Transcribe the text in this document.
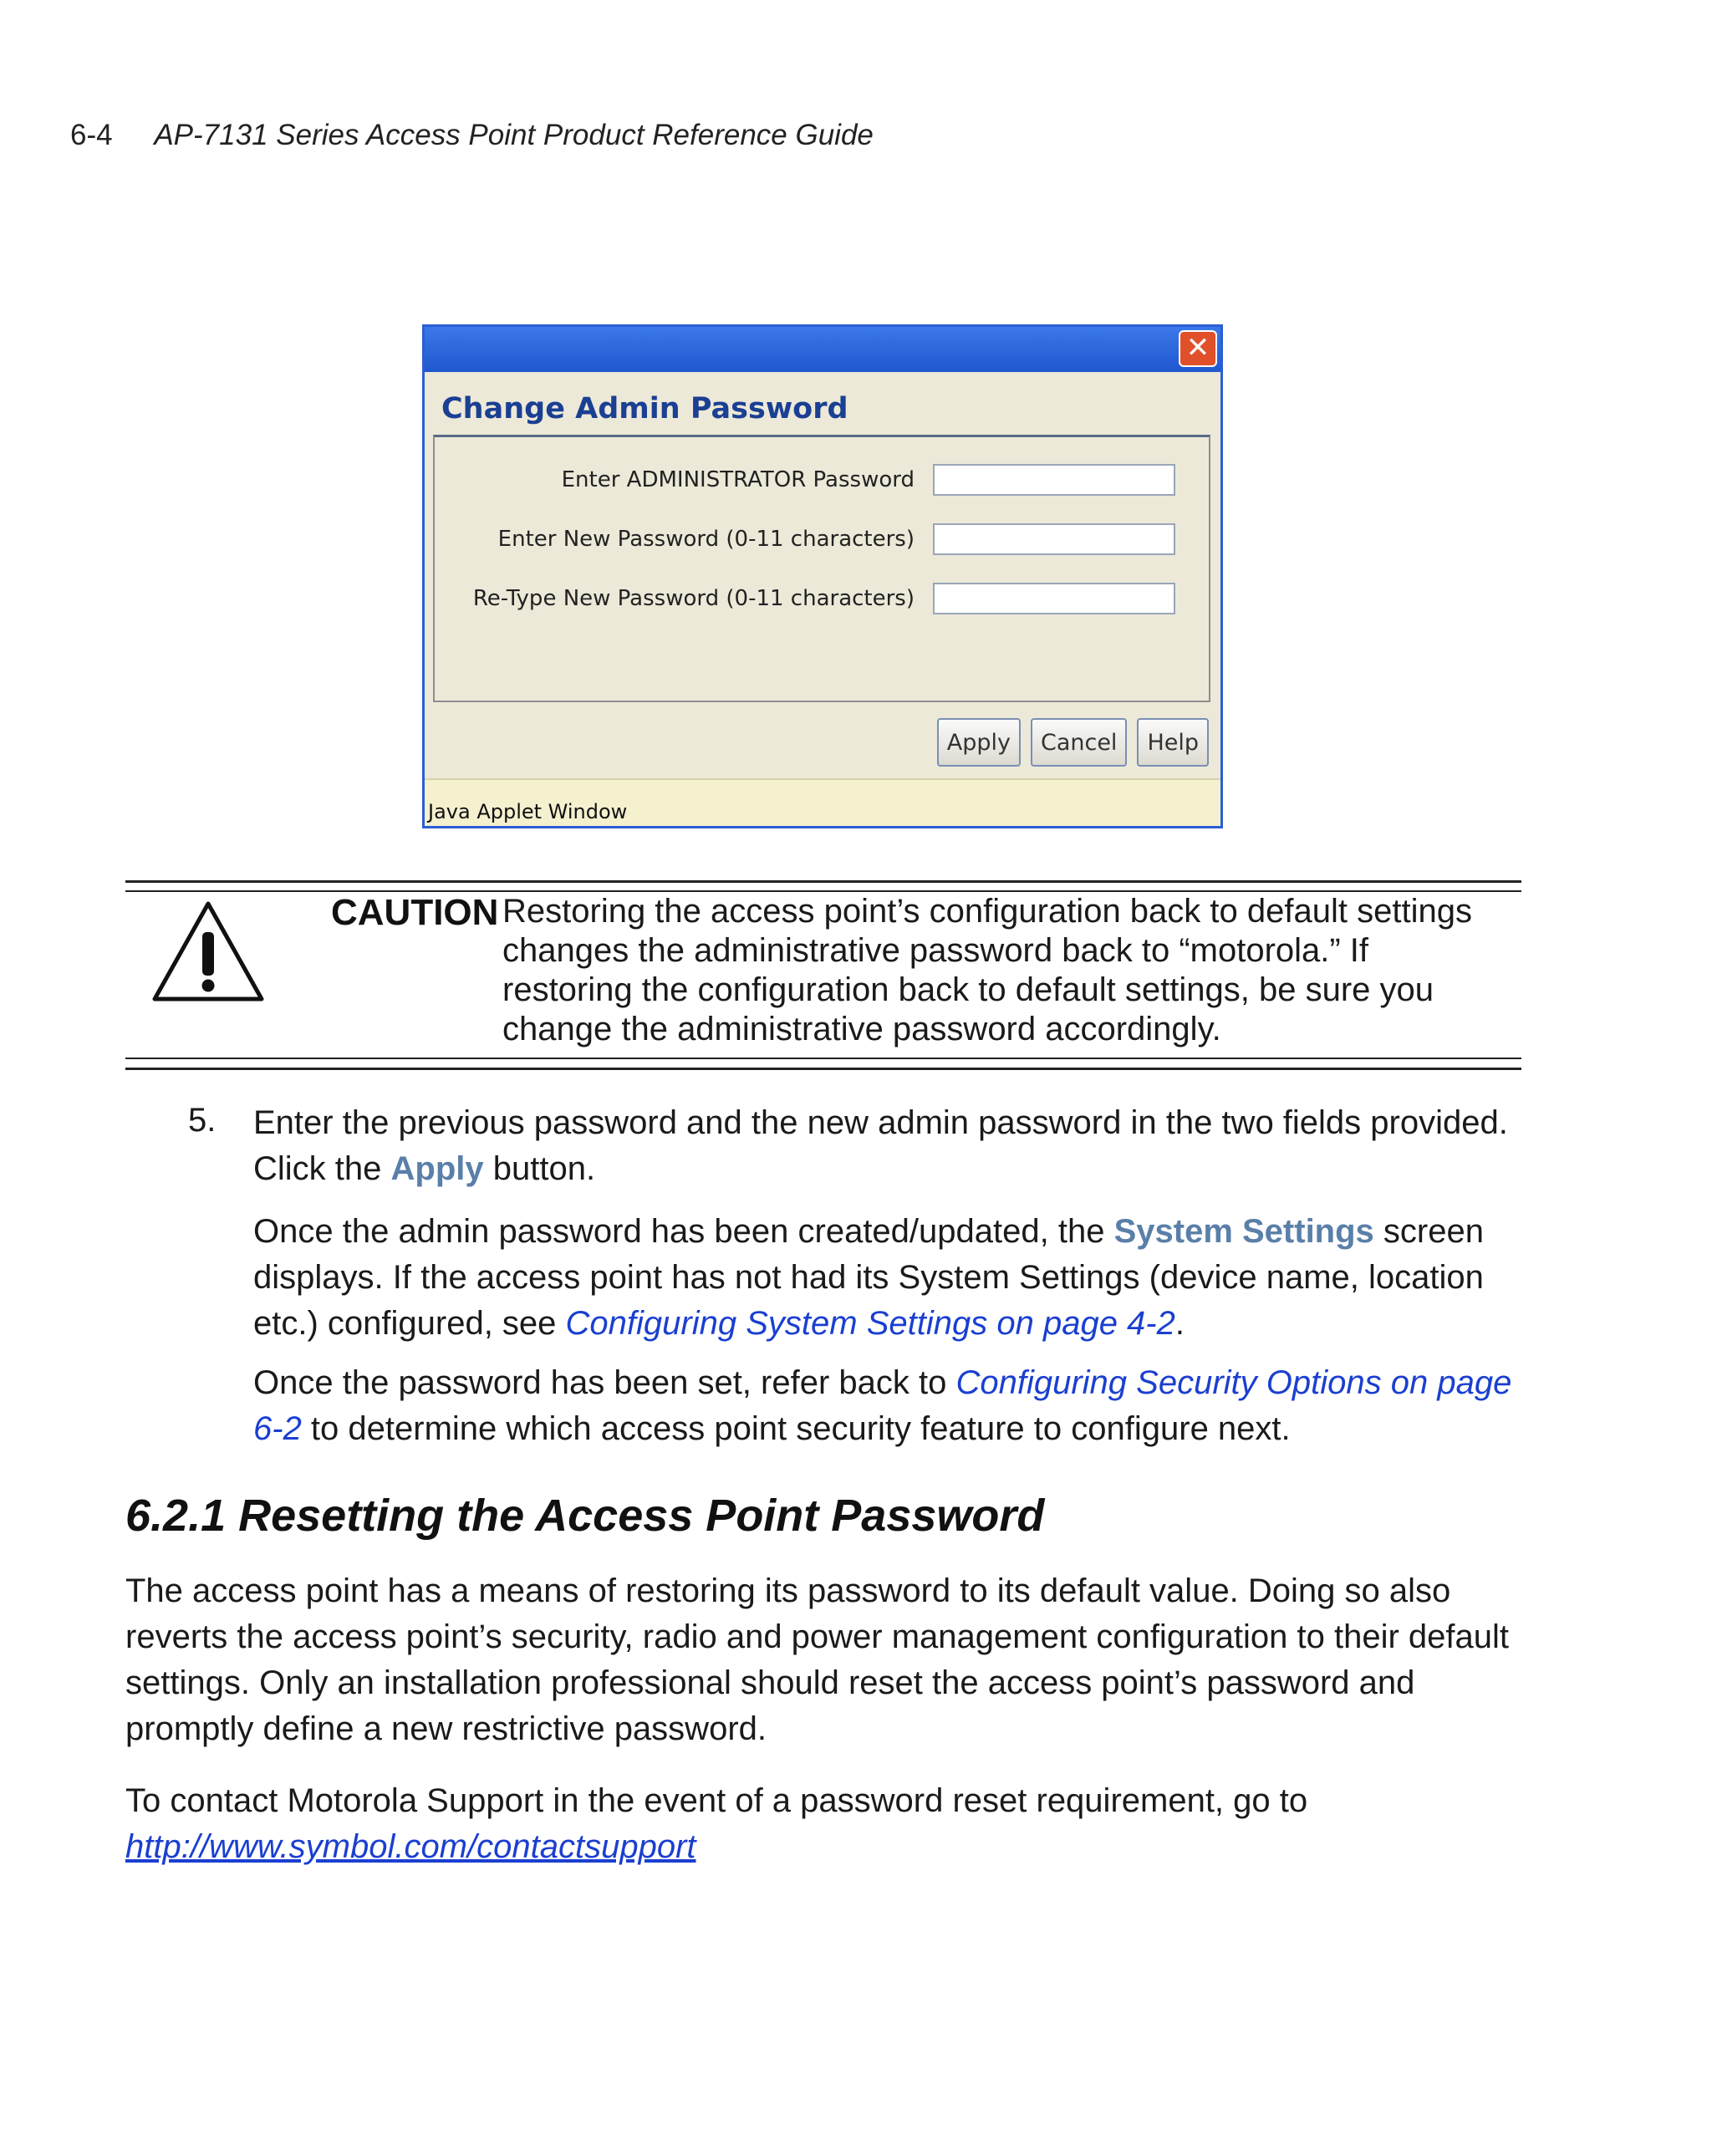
6-4 AP-7131 Series Access Point Product Reference Guide
✕
Change Admin Password
Enter ADMINISTRATOR Password
Enter New Password (0-11 characters)
Re-Type New Password (0-11 characters)
Apply	Cancel	Help
Java Applet Window
CAUTION Restoring the access point’s configuration back to default settings changes the administrative password back to “motorola.” If restoring the configuration back to default settings, be sure you change the administrative password accordingly.
5. Enter the previous password and the new admin password in the two fields provided. Click the Apply button.
Once the admin password has been created/updated, the System Settings screen displays. If the access point has not had its System Settings (device name, location etc.) configured, see Configuring System Settings on page 4-2.
Once the password has been set, refer back to Configuring Security Options on page 6-2 to determine which access point security feature to configure next.
6.2.1 Resetting the Access Point Password
The access point has a means of restoring its password to its default value. Doing so also reverts the access point’s security, radio and power management configuration to their default settings. Only an installation professional should reset the access point’s password and promptly define a new restrictive password.
To contact Motorola Support in the event of a password reset requirement, go to
http://www.symbol.com/contactsupport
